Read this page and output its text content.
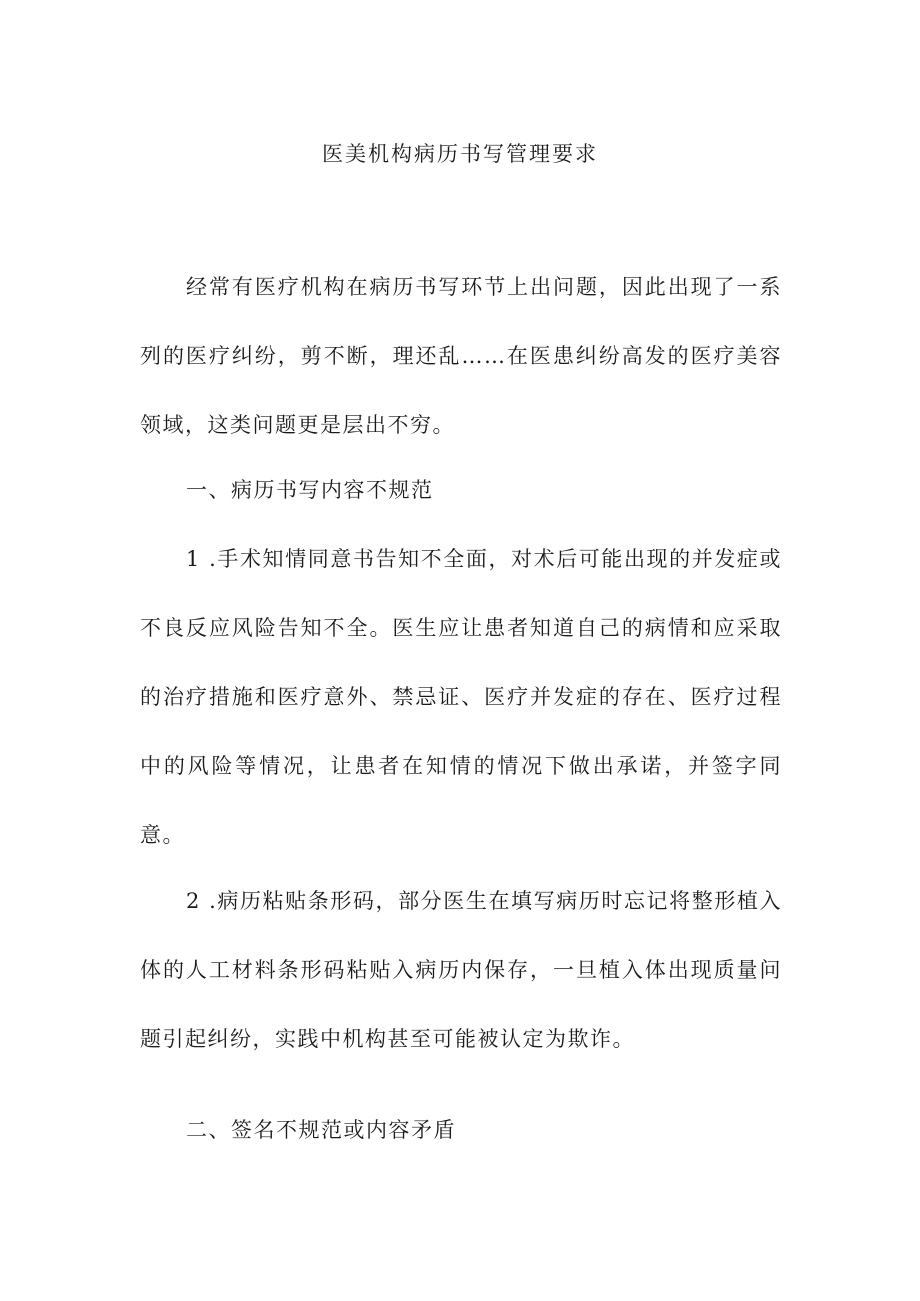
医美机构病历书写管理要求

经常有医疗机构在病历书写环节上出问题，因此出现了一系列的医疗纠纷，剪不断，理还乱……在医患纠纷高发的医疗美容领域，这类问题更是层出不穷。

一、病历书写内容不规范

1 .手术知情同意书告知不全面，对术后可能出现的并发症或不良反应风险告知不全。医生应让患者知道自己的病情和应采取的治疗措施和医疗意外、禁忌证、医疗并发症的存在、医疗过程中的风险等情况，让患者在知情的情况下做出承诺，并签字同意。

2 .病历粘贴条形码，部分医生在填写病历时忘记将整形植入体的人工材料条形码粘贴入病历内保存，一旦植入体出现质量问题引起纠纷，实践中机构甚至可能被认定为欺诈。

二、签名不规范或内容矛盾
